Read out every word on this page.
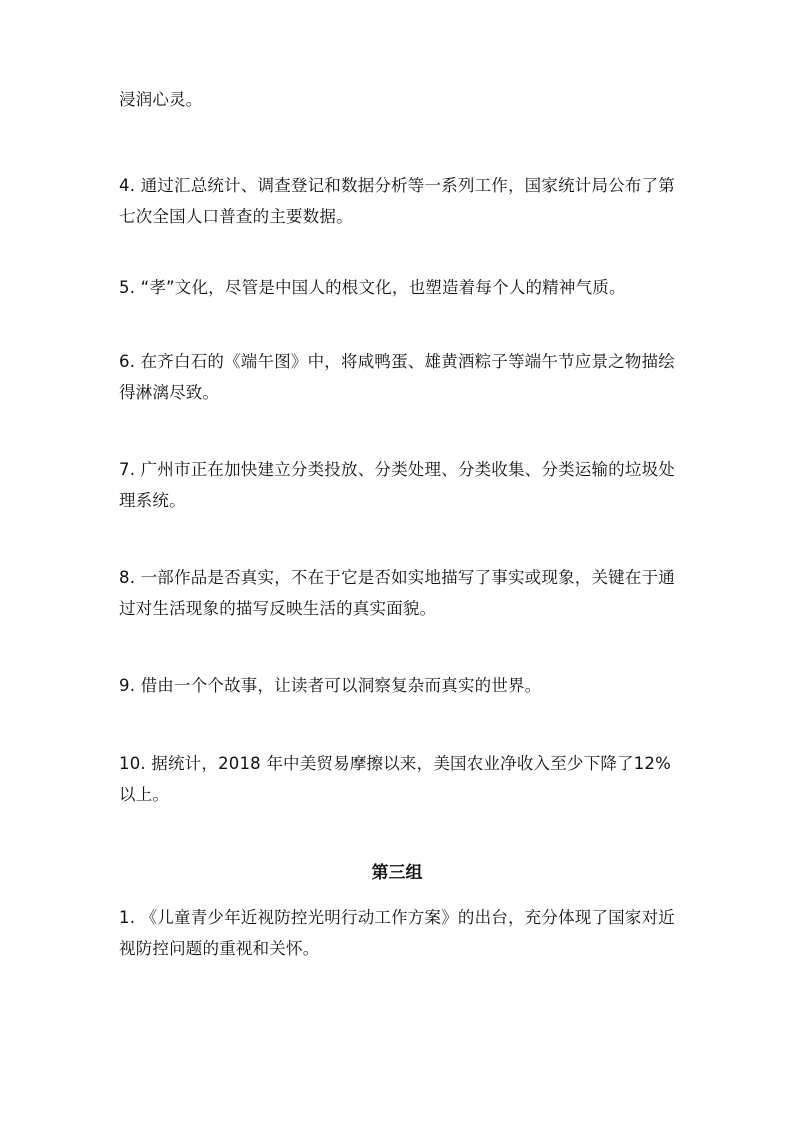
浸润心灵。

4. 通过汇总统计、调查登记和数据分析等一系列工作，国家统计局公布了第七次全国人口普查的主要数据。

5. “孝”文化，尽管是中国人的根文化，也塑造着每个人的精神气质。

6. 在齐白石的《端午图》中，将咸鸭蛋、雄黄酒粽子等端午节应景之物描绘得淋漓尽致。

7. 广州市正在加快建立分类投放、分类处理、分类收集、分类运输的垃圾处理系统。

8. 一部作品是否真实，不在于它是否如实地描写了事实或现象，关键在于通过对生活现象的描写反映生活的真实面貌。

9. 借由一个个故事，让读者可以洞察复杂而真实的世界。

10. 据统计，2018 年中美贸易摩擦以来，美国农业净收入至少下降了12%以上。

第三组

1. 《儿童青少年近视防控光明行动工作方案》的出台，充分体现了国家对近视防控问题的重视和关怀。
